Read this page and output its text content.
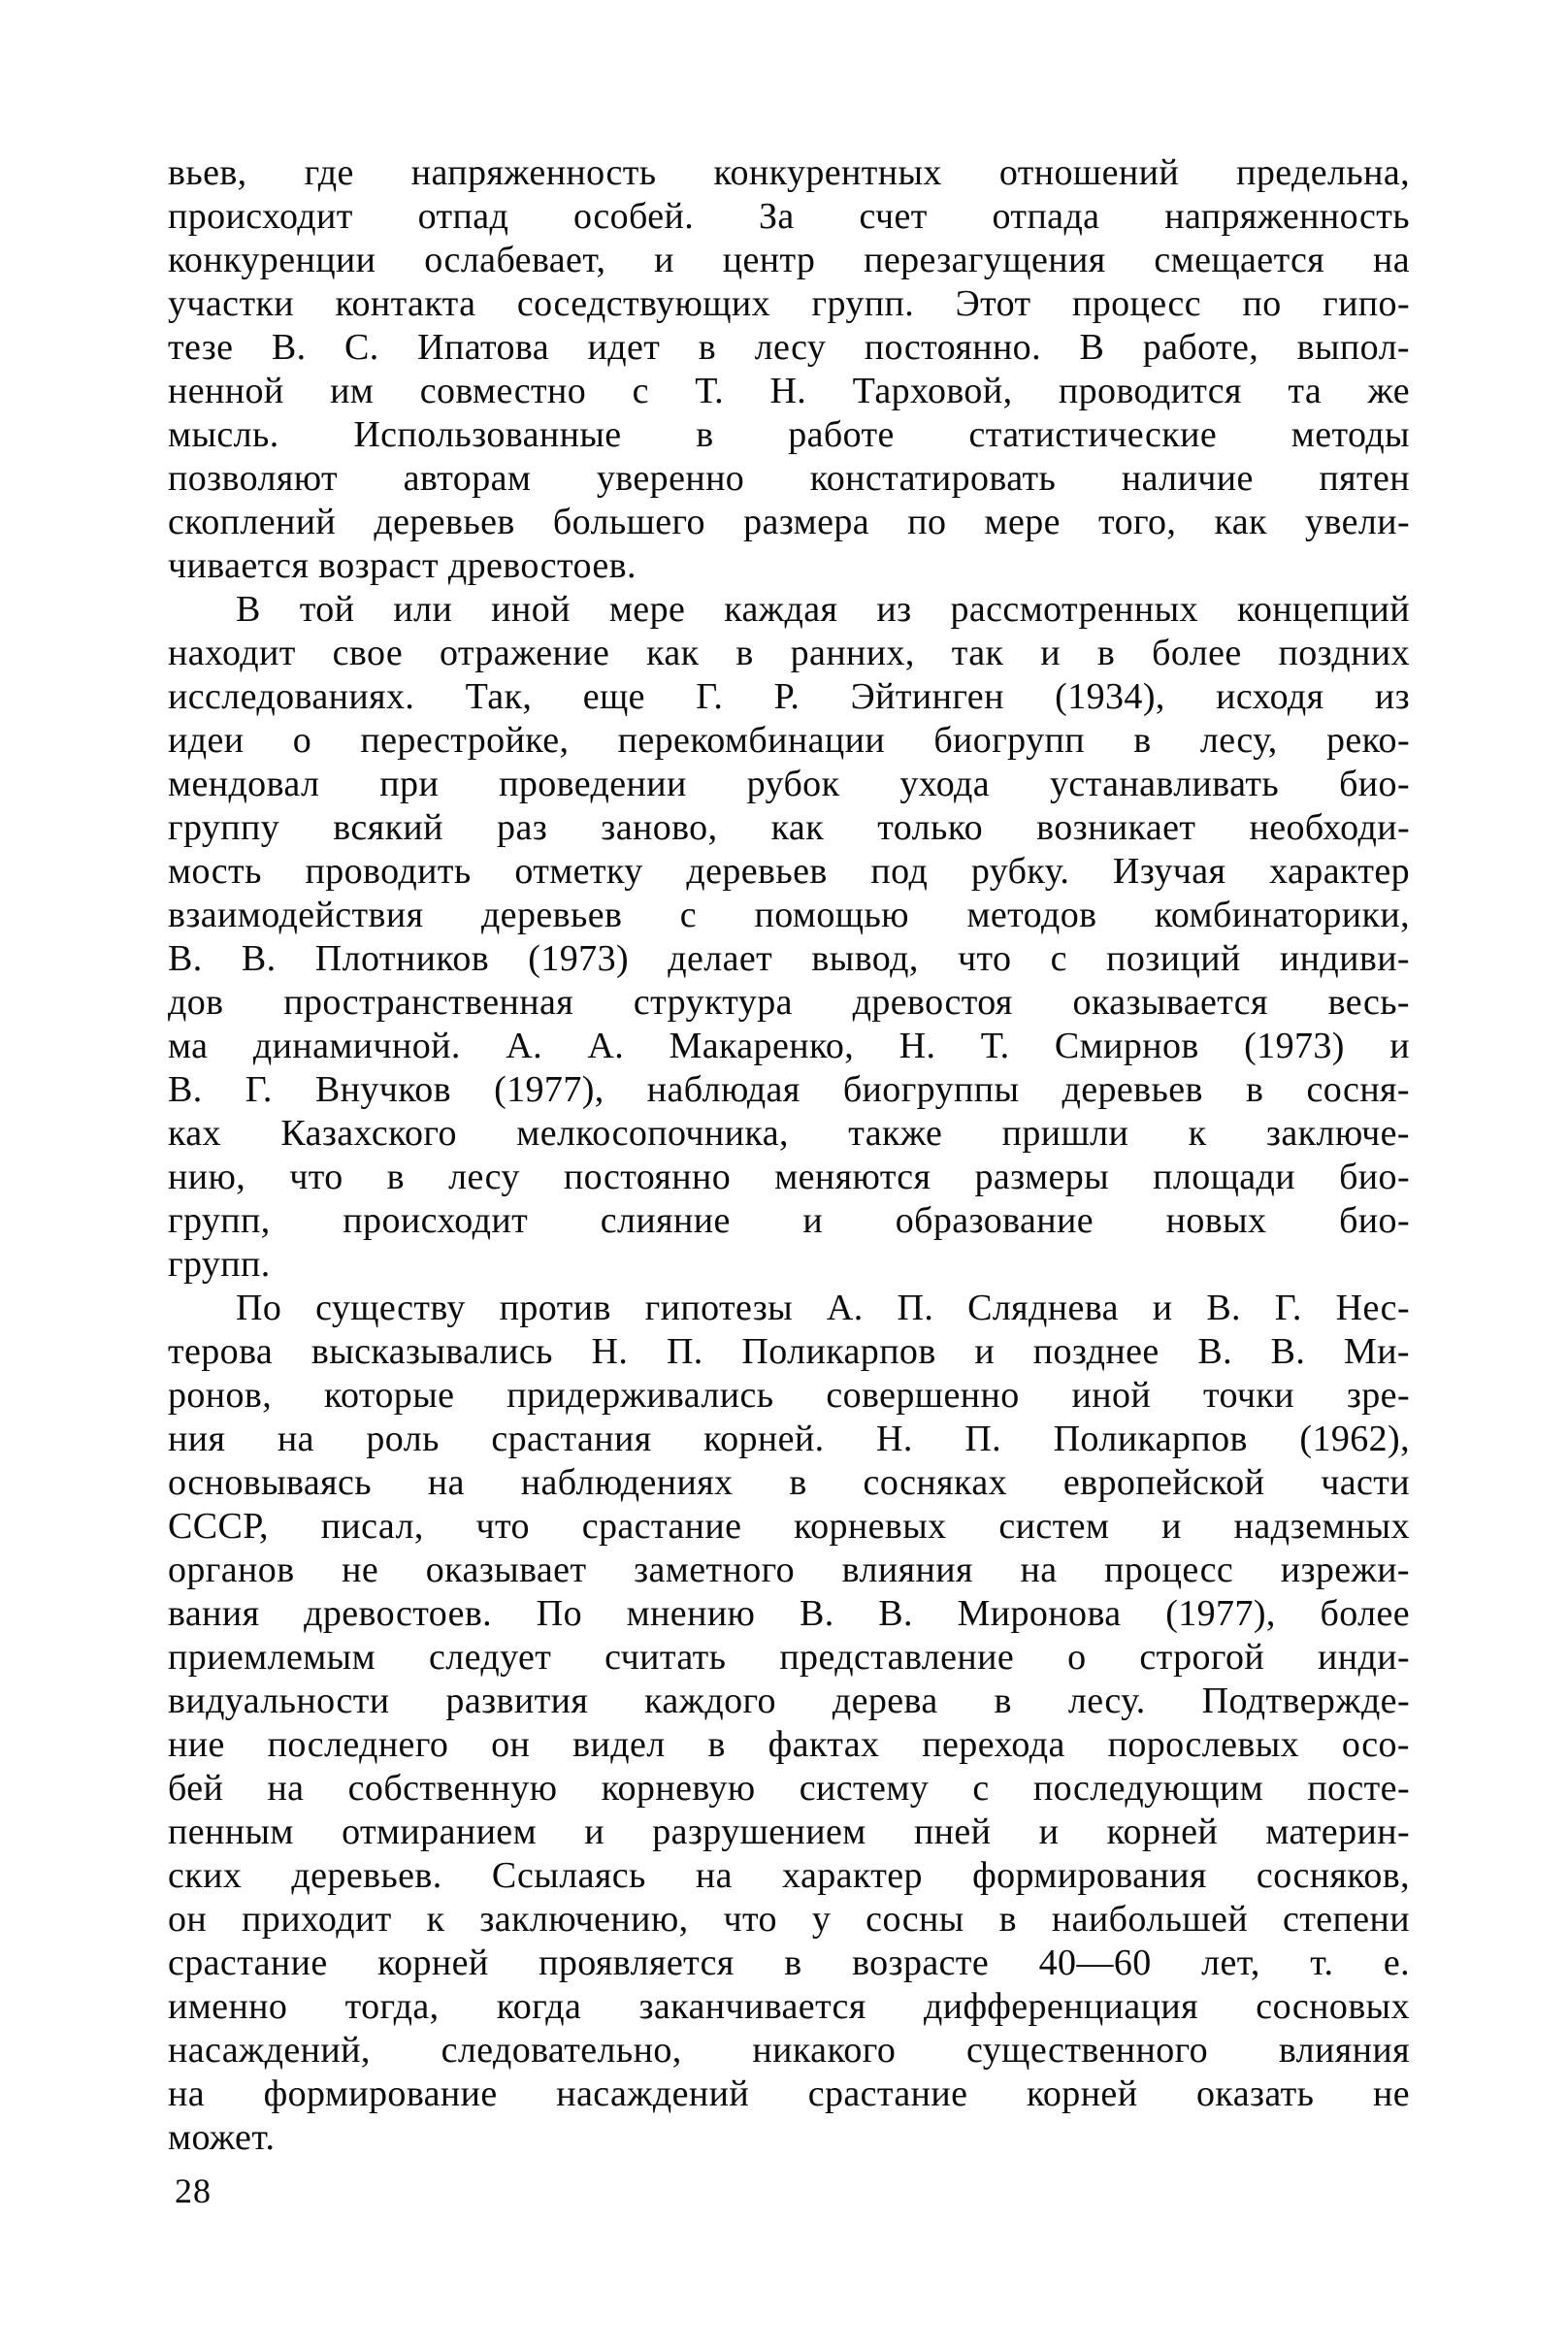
вьев, где напряженность конкурентных отношений предельна,
происходит отпад особей. За счет отпада напряженность
конкуренции ослабевает, и центр перезагущения смещается на
участки контакта соседствующих групп. Этот процесс по гипо-
тезе В. С. Ипатова идет в лесу постоянно. В работе, выпол-
ненной им совместно с Т. Н. Тарховой, проводится та же
мысль. Использованные в работе статистические методы
позволяют авторам уверенно констатировать наличие пятен
скоплений деревьев большего размера по мере того, как увели-
чивается возраст древостоев.
В той или иной мере каждая из рассмотренных концепций
находит свое отражение как в ранних, так и в более поздних
исследованиях. Так, еще Г. Р. Эйтинген (1934), исходя из
идеи о перестройке, перекомбинации биогрупп в лесу, реко-
мендовал при проведении рубок ухода устанавливать био-
группу всякий раз заново, как только возникает необходи-
мость проводить отметку деревьев под рубку. Изучая характер
взаимодействия деревьев с помощью методов комбинаторики,
В. В. Плотников (1973) делает вывод, что с позиций индиви-
дов пространственная структура древостоя оказывается весь-
ма динамичной. А. А. Макаренко, Н. Т. Смирнов (1973) и
В. Г. Внучков (1977), наблюдая биогруппы деревьев в сосня-
ках Казахского мелкосопочника, также пришли к заключе-
нию, что в лесу постоянно меняются размеры площади био-
групп, происходит слияние и образование новых био-
групп.
По существу против гипотезы А. П. Сляднева и В. Г. Нес-
терова высказывались Н. П. Поликарпов и позднее В. В. Ми-
ронов, которые придерживались совершенно иной точки зре-
ния на роль срастания корней. Н. П. Поликарпов (1962),
основываясь на наблюдениях в сосняках европейской части
СССР, писал, что срастание корневых систем и надземных
органов не оказывает заметного влияния на процесс изрежи-
вания древостоев. По мнению В. В. Миронова (1977), более
приемлемым следует считать представление о строгой инди-
видуальности развития каждого дерева в лесу. Подтвержде-
ние последнего он видел в фактах перехода порослевых осо-
бей на собственную корневую систему с последующим посте-
пенным отмиранием и разрушением пней и корней материн-
ских деревьев. Ссылаясь на характер формирования сосняков,
он приходит к заключению, что у сосны в наибольшей степени
срастание корней проявляется в возрасте 40—60 лет, т. е.
именно тогда, когда заканчивается дифференциация сосновых
насаждений, следовательно, никакого существенного влияния
на формирование насаждений срастание корней оказать не
может.
28
